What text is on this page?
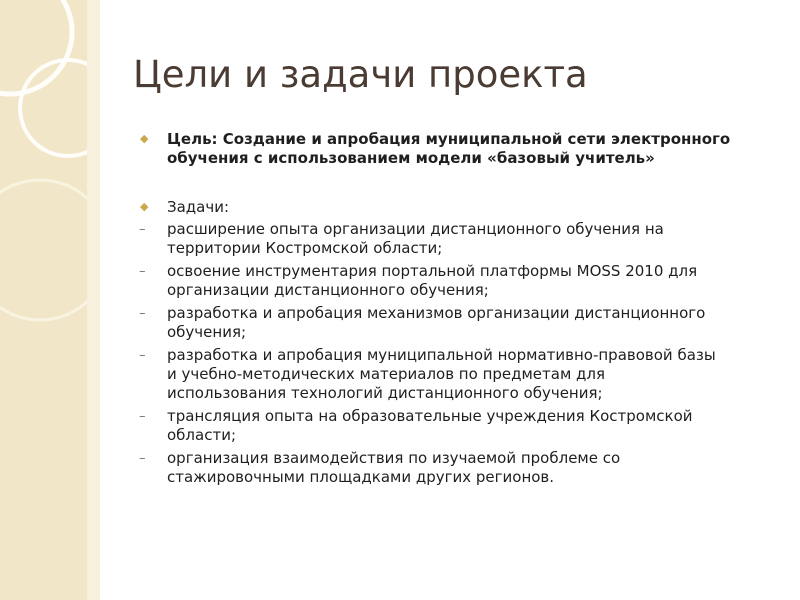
Цели и задачи проекта
◆ Цель: Создание и апробация муниципальной сети электронного
обучения с использованием модели «базовый учитель»
◆ Задачи:
– расширение опыта организации дистанционного обучения на
территории Костромской области;
– освоение инструментария портальной платформы MOSS 2010 для
организации дистанционного обучения;
– разработка и апробация механизмов организации дистанционного
обучения;
– разработка и апробация муниципальной нормативно-правовой базы
и учебно-методических материалов по предметам для
использования технологий дистанционного обучения;
– трансляция опыта на образовательные учреждения Костромской
области;
– организация взаимодействия по изучаемой проблеме со
стажировочными площадками других регионов.
